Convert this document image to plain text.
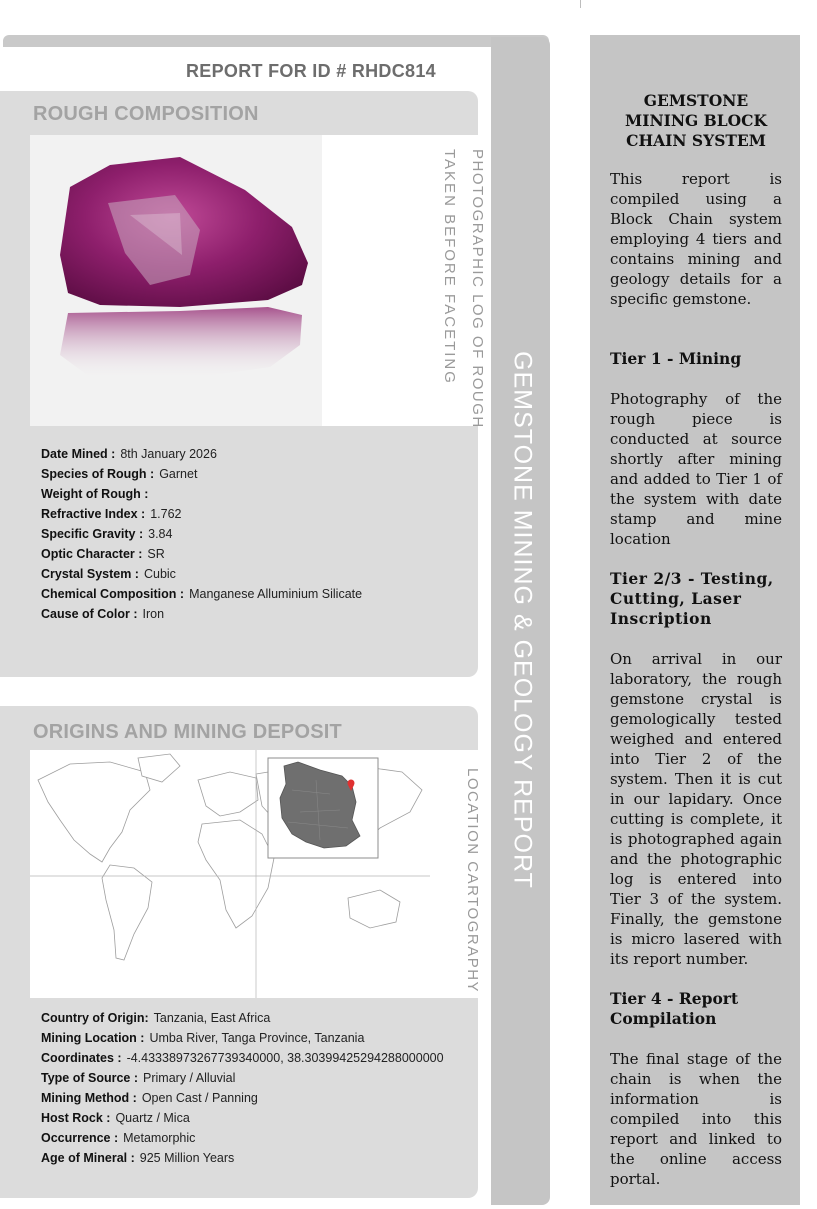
GEMSTONE MINING & GEOLOGY REPORT
REPORT FOR ID # RHDC814
ROUGH COMPOSITION
PHOTOGRAPHIC LOG OF ROUGH
TAKEN BEFORE FACETING
Date Mined : 8th January 2026
Species of Rough : Garnet
Weight of Rough :
Refractive Index : 1.762
Specific Gravity : 3.84
Optic Character : SR
Crystal System : Cubic
Chemical Composition : Manganese Alluminium Silicate
Cause of Color : Iron
ORIGINS AND MINING DEPOSIT
LOCATION CARTOGRAPHY
Country of Origin: Tanzania, East Africa
Mining Location : Umba River, Tanga Province, Tanzania
Coordinates : -4.43338973267739340000, 38.30399425294288000000
Type of Source : Primary / Alluvial
Mining Method : Open Cast / Panning
Host Rock : Quartz / Mica
Occurrence : Metamorphic
Age of Mineral : 925 Million Years
GEMSTONE
MINING BLOCK
CHAIN SYSTEM

This report is compiled using a Block Chain system employing 4 tiers and contains mining and geology details for a specific gemstone.

Tier 1 - Mining

Photography of the rough piece is conducted at source shortly after mining and added to Tier 1 of the system with date stamp and mine location

Tier 2/3 - Testing, Cutting, Laser Inscription

On arrival in our laboratory, the rough gemstone crystal is gemologically tested weighed and entered into Tier 2 of the system. Then it is cut in our lapidary. Once cutting is complete, it is photographed again and the photographic log is entered into Tier 3 of the system. Finally, the gemstone is micro lasered with its report number.

Tier 4 - Report Compilation

The final stage of the chain is when the information is compiled into this report and linked to the online access portal.
